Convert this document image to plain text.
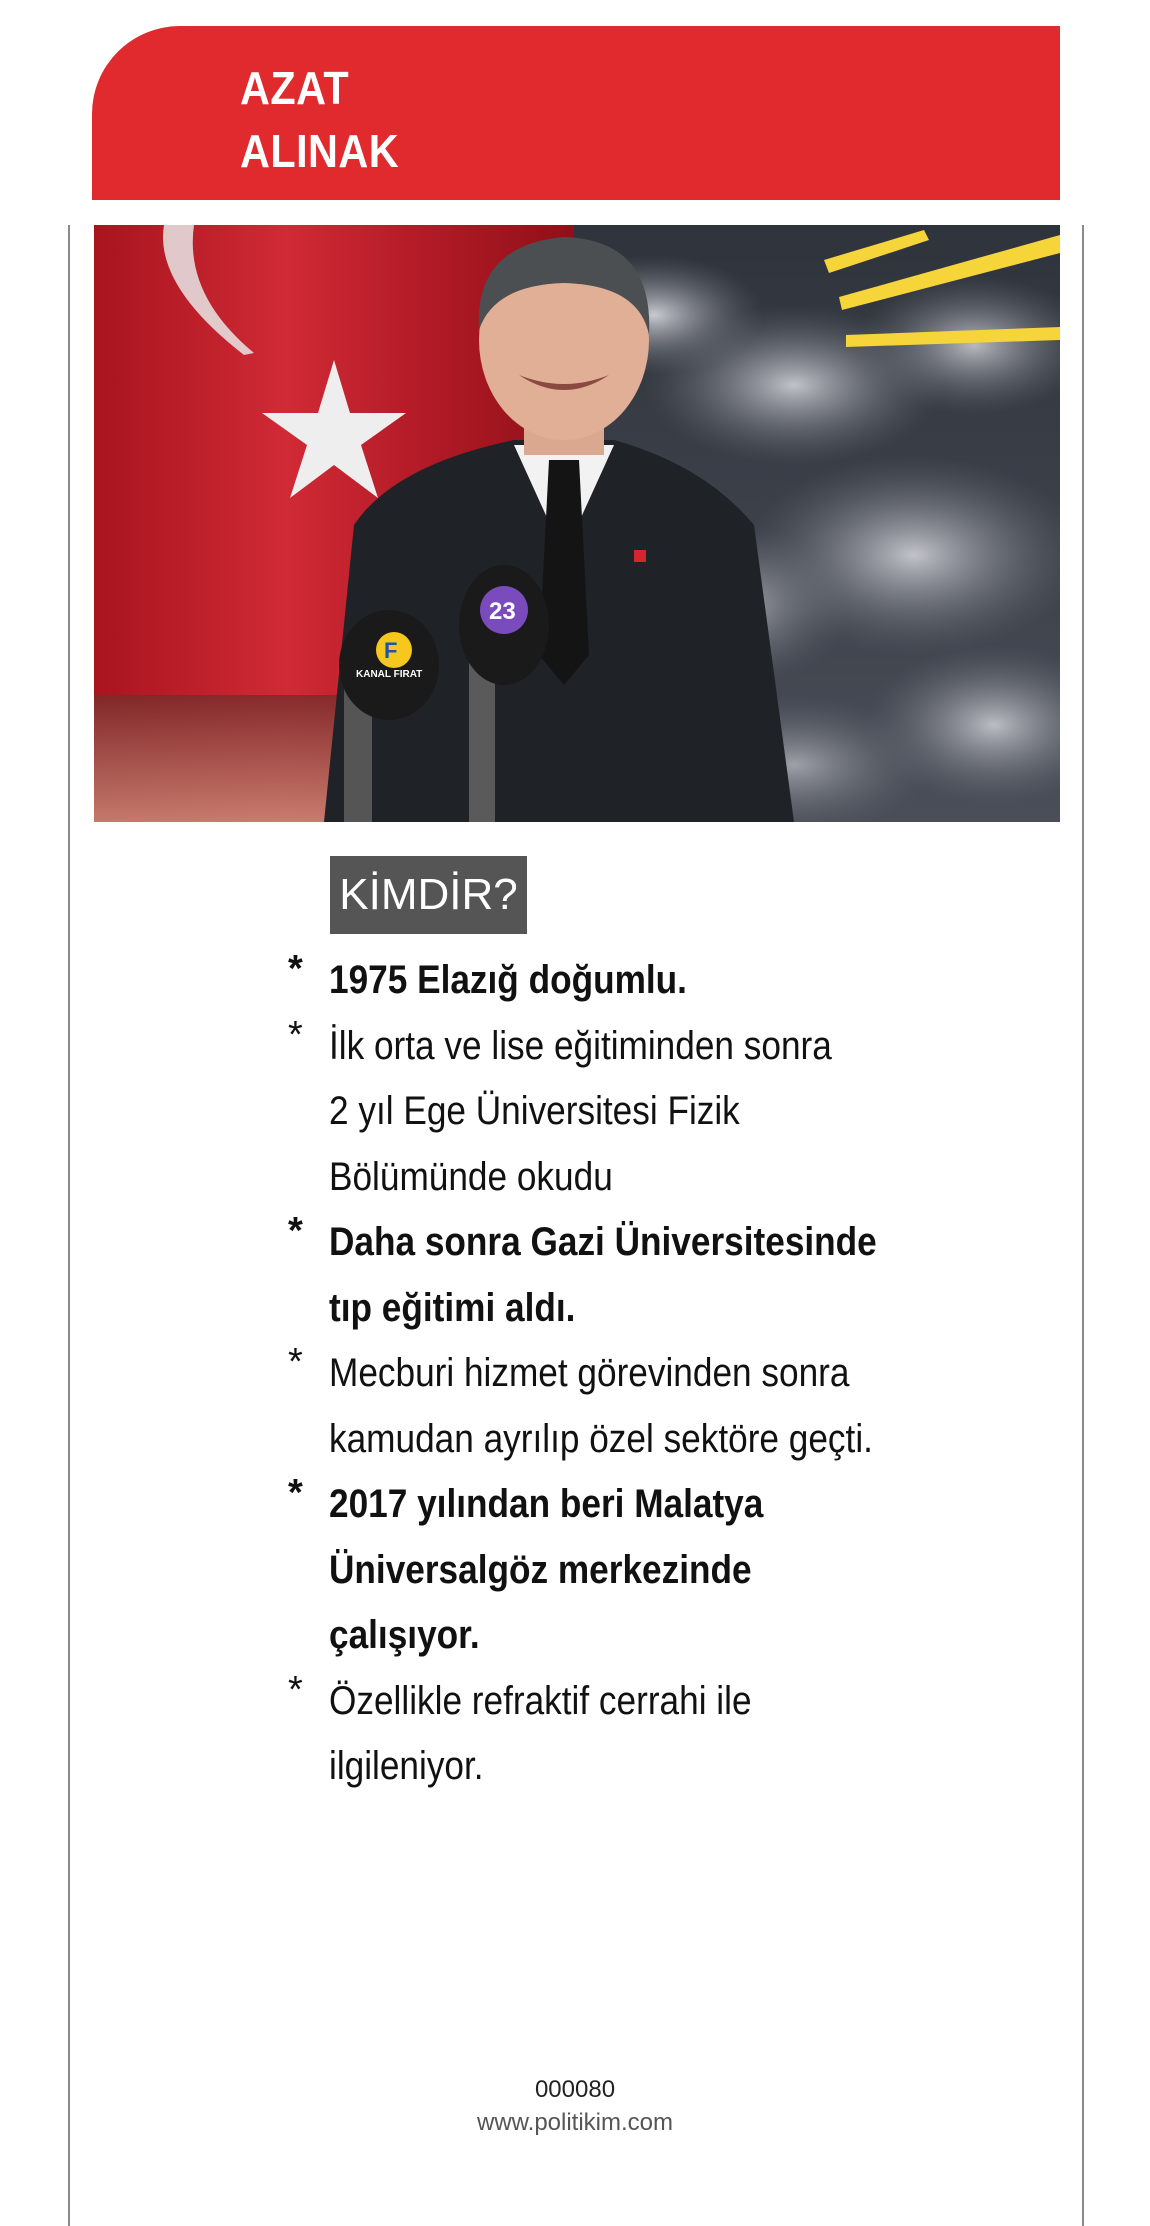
AZAT
ALINAK
F
KANAL FIRAT
23
KİMDİR?
* 1975 Elazığ doğumlu.
* İlk orta ve lise eğitiminden sonra
2 yıl Ege Üniversitesi Fizik
Bölümünde okudu
* Daha sonra Gazi Üniversitesinde
tıp eğitimi aldı.
* Mecburi hizmet görevinden sonra
kamudan ayrılıp özel sektöre geçti.
* 2017 yılından beri Malatya
Üniversalgöz merkezinde
çalışıyor.
* Özellikle refraktif cerrahi ile
ilgileniyor.
000080
www.politikim.com
